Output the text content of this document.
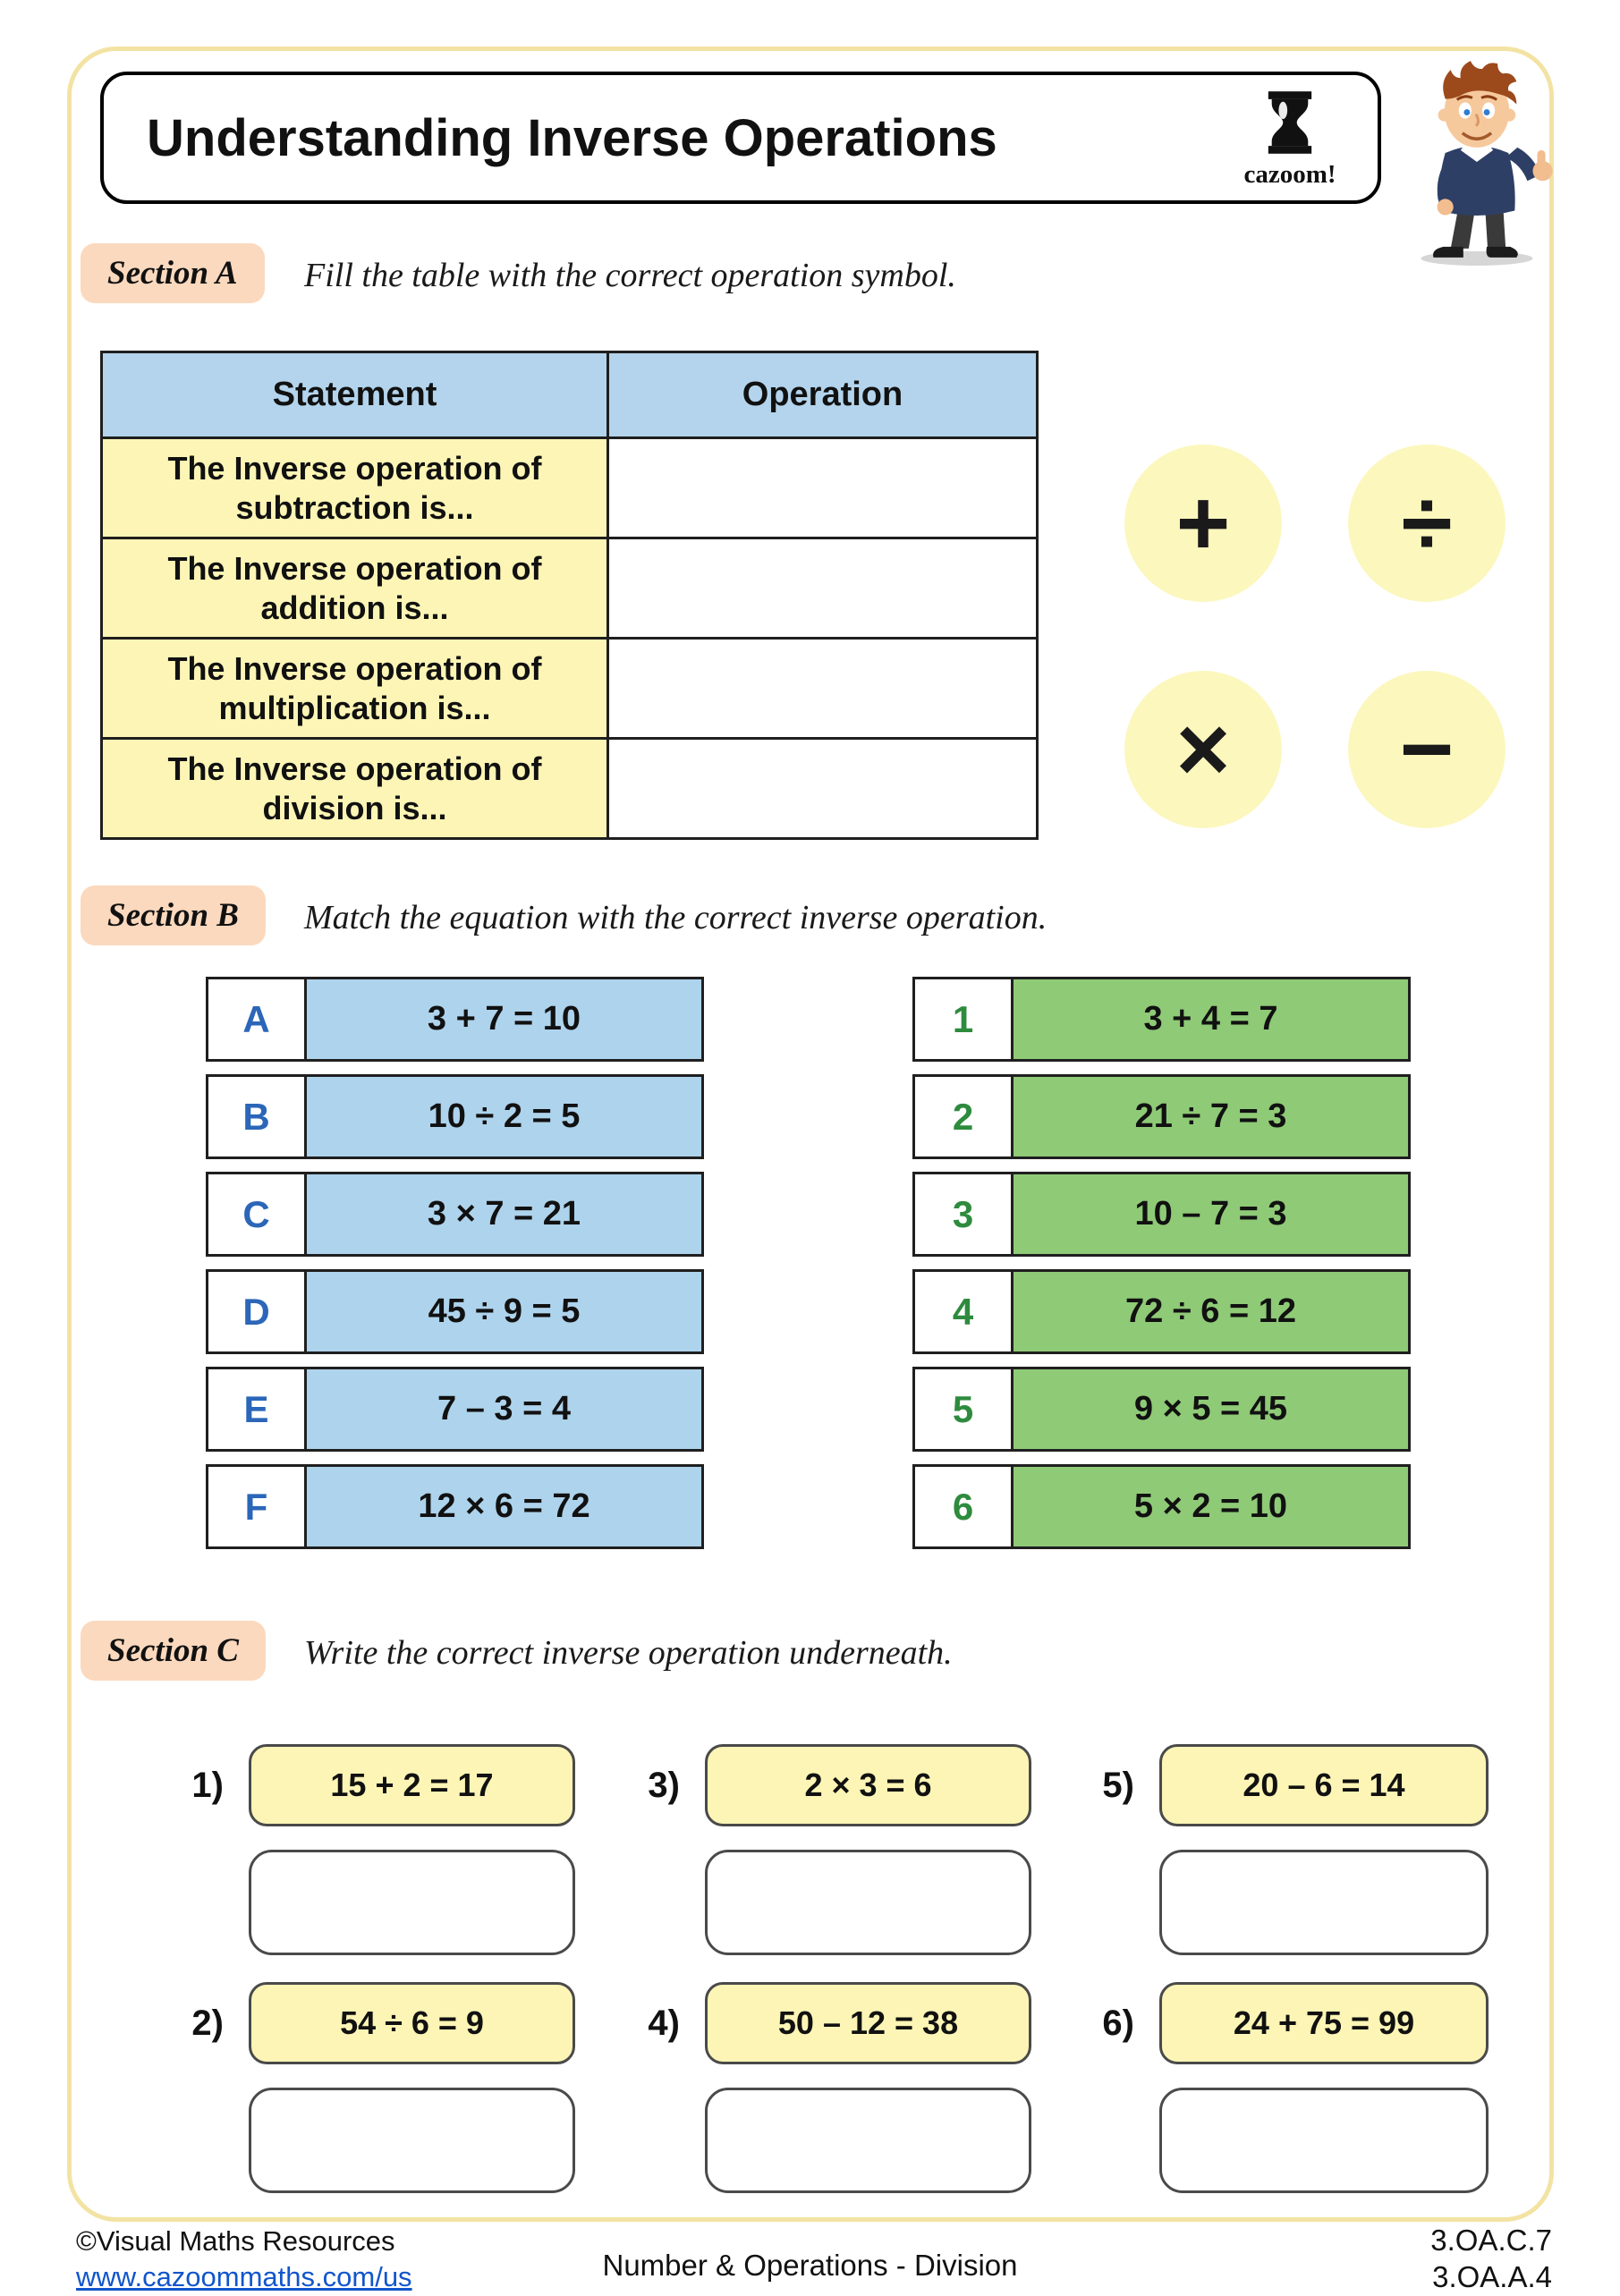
Understanding Inverse Operations
cazoom!
Section A	Fill the table with the correct operation symbol.
Statement	Operation
The Inverse operation of subtraction is...	
The Inverse operation of addition is...	
The Inverse operation of multiplication is...	
The Inverse operation of division is...	
+	÷
×	−
Section B	Match the equation with the correct inverse operation.
A	3 + 7 = 10
B	10 ÷ 2 = 5
C	3 × 7 = 21
D	45 ÷ 9 = 5
E	7 – 3 = 4
F	12 × 6 = 72
1	3 + 4 = 7
2	21 ÷ 7 = 3
3	10 – 7 = 3
4	72 ÷ 6 = 12
5	9 × 5 = 45
6	5 × 2 = 10
Section C	Write the correct inverse operation underneath.
1)	15 + 2 = 17	3)	2 × 3 = 6	5)	20 – 6 = 14
2)	54 ÷ 6 = 9	4)	50 – 12 = 38	6)	24 + 75 = 99
©Visual Maths Resources
www.cazoommaths.com/us	Number & Operations - Division
3.OA.C.7
3.OA.A.4
